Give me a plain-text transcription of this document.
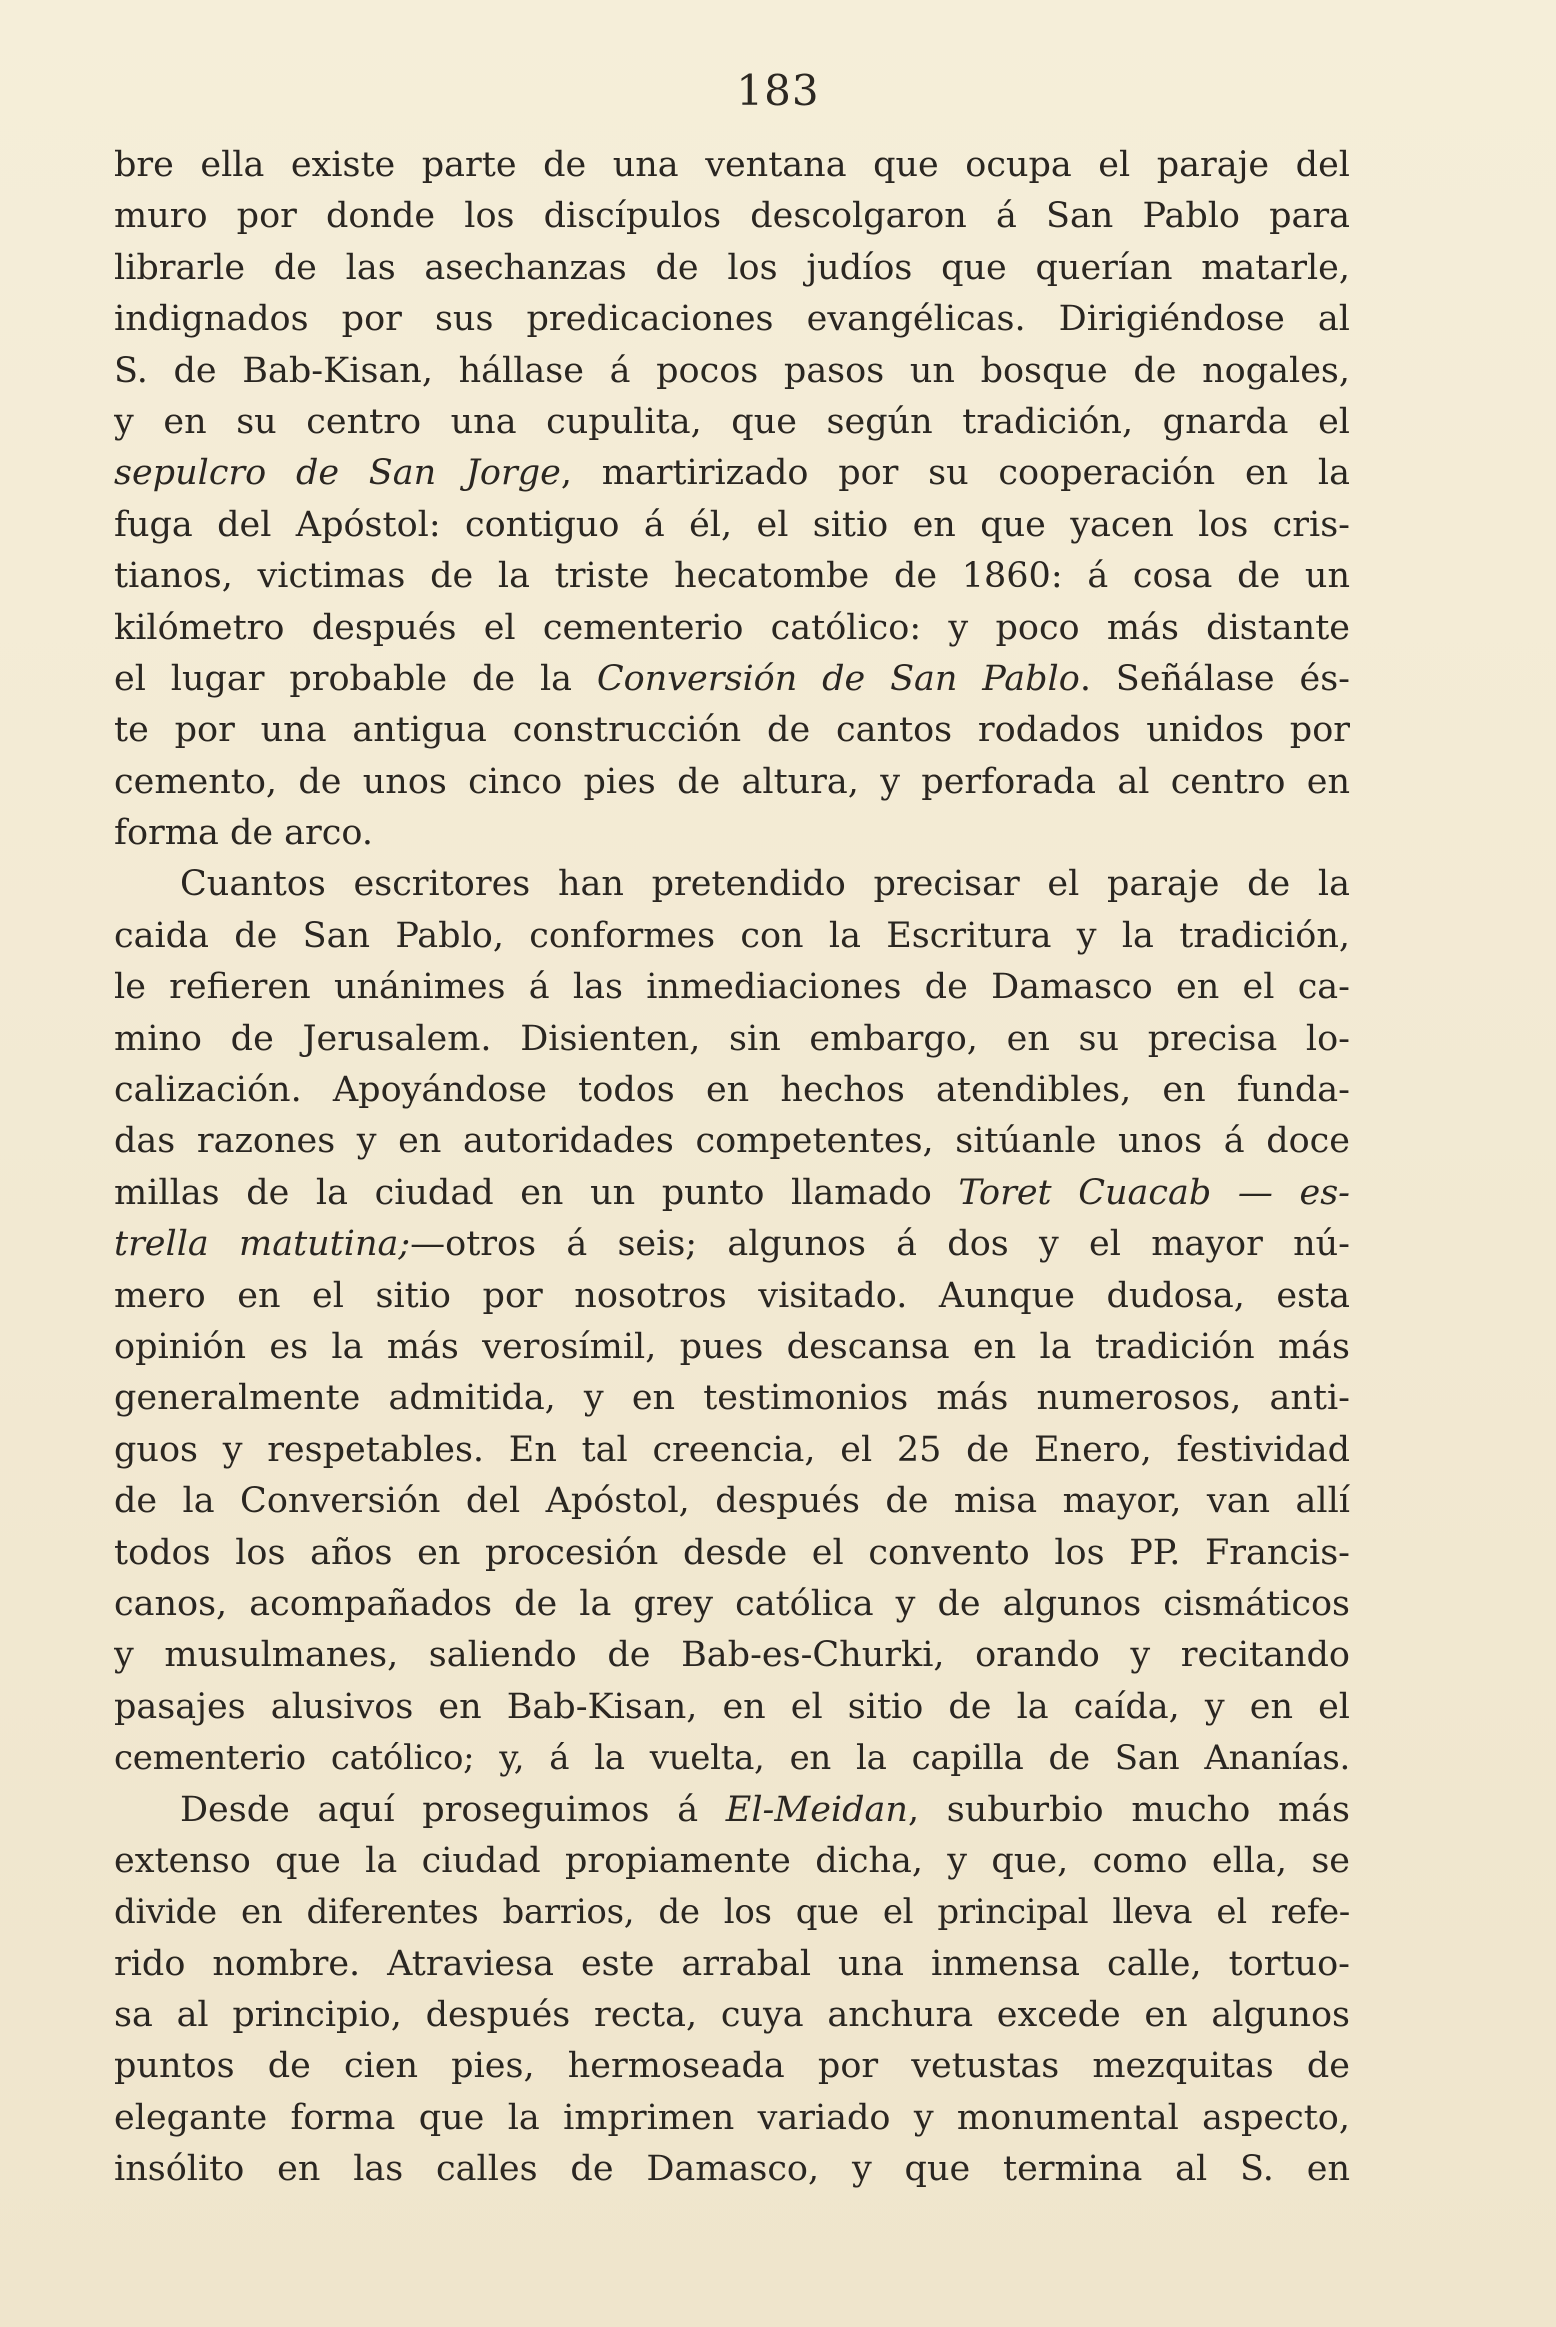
183
bre ella existe parte de una ventana que ocupa el paraje del
muro por donde los discípulos descolgaron á San Pablo para
librarle de las asechanzas de los judíos que querían matarle,
indignados por sus predicaciones evangélicas. Dirigiéndose al
S. de Bab-Kisan, hállase á pocos pasos un bosque de nogales,
y en su centro una cupulita, que según tradición, gnarda el
sepulcro de San Jorge, martirizado por su cooperación en la
fuga del Apóstol: contiguo á él, el sitio en que yacen los cris-
tianos, victimas de la triste hecatombe de 1860: á cosa de un
kilómetro después el cementerio católico: y poco más distante
el lugar probable de la Conversión de San Pablo. Señálase és-
te por una antigua construcción de cantos rodados unidos por
cemento, de unos cinco pies de altura, y perforada al centro en
forma de arco.
Cuantos escritores han pretendido precisar el paraje de la
caida de San Pablo, conformes con la Escritura y la tradición,
le refieren unánimes á las inmediaciones de Damasco en el ca-
mino de Jerusalem. Disienten, sin embargo, en su precisa lo-
calización. Apoyándose todos en hechos atendibles, en funda-
das razones y en autoridades competentes, sitúanle unos á doce
millas de la ciudad en un punto llamado Toret Cuacab — es-
trella matutina;—otros á seis; algunos á dos y el mayor nú-
mero en el sitio por nosotros visitado. Aunque dudosa, esta
opinión es la más verosímil, pues descansa en la tradición más
generalmente admitida, y en testimonios más numerosos, anti-
guos y respetables. En tal creencia, el 25 de Enero, festividad
de la Conversión del Apóstol, después de misa mayor, van allí
todos los años en procesión desde el convento los PP. Francis-
canos, acompañados de la grey católica y de algunos cismáticos
y musulmanes, saliendo de Bab-es-Churki, orando y recitando
pasajes alusivos en Bab-Kisan, en el sitio de la caída, y en el
cementerio católico; y, á la vuelta, en la capilla de San Ananías.
Desde aquí proseguimos á El-Meidan, suburbio mucho más
extenso que la ciudad propiamente dicha, y que, como ella, se
divide en diferentes barrios, de los que el principal lleva el refe-
rido nombre. Atraviesa este arrabal una inmensa calle, tortuo-
sa al principio, después recta, cuya anchura excede en algunos
puntos de cien pies, hermoseada por vetustas mezquitas de
elegante forma que la imprimen variado y monumental aspecto,
insólito en las calles de Damasco, y que termina al S. en
